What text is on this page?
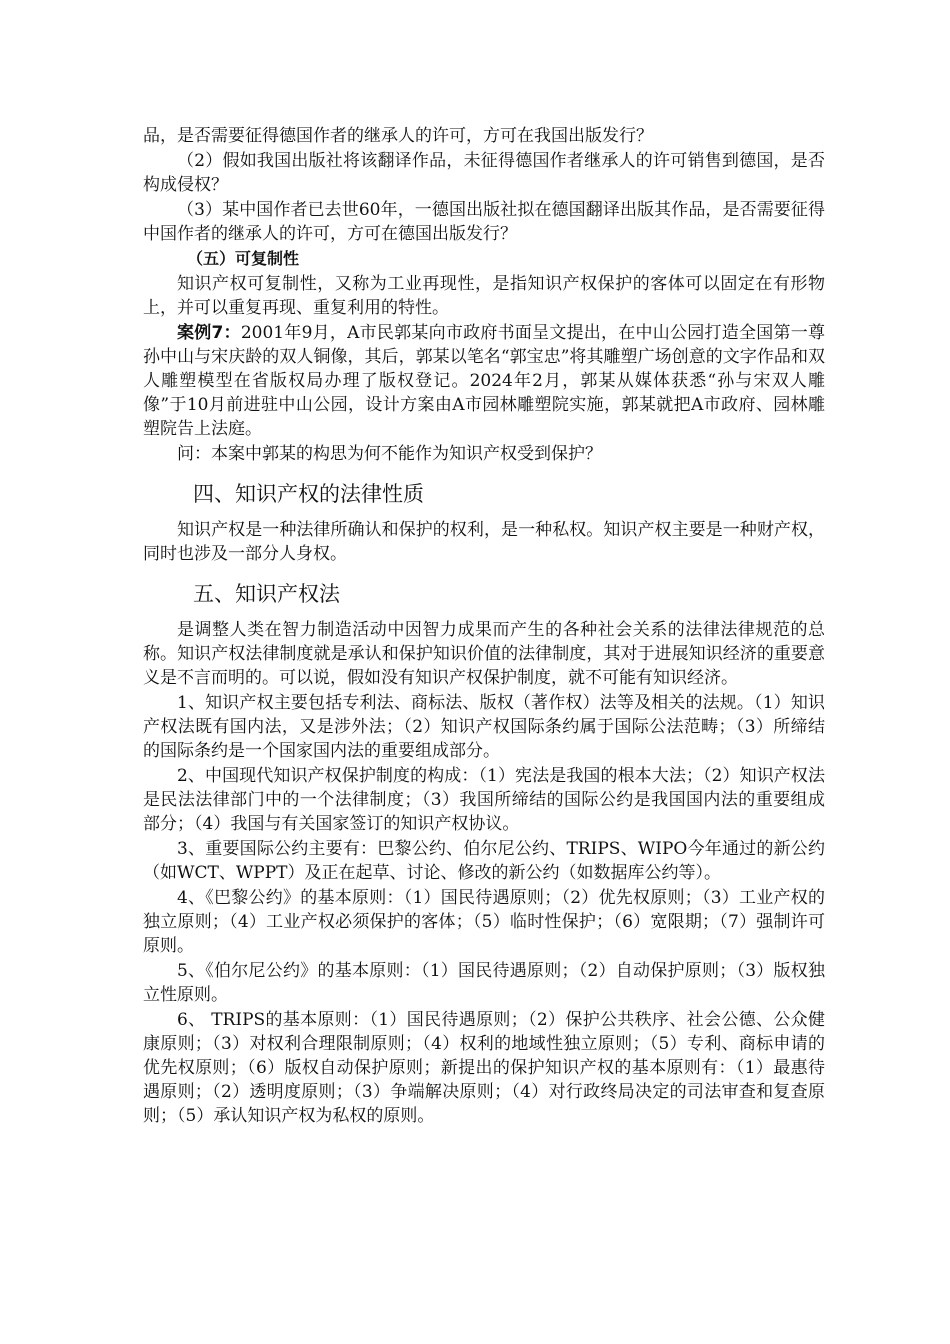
品，是否需要征得德国作者的继承人的许可，方可在我国出版发行？

（2）假如我国出版社将该翻译作品，未征得德国作者继承人的许可销售到德国，是否构成侵权？

（3）某中国作者已去世60年，一德国出版社拟在德国翻译出版其作品，是否需要征得中国作者的继承人的许可，方可在德国出版发行？

（五）可复制性

知识产权可复制性，又称为工业再现性，是指知识产权保护的客体可以固定在有形物上，并可以重复再现、重复利用的特性。

案例7：2001年9月，A市民郭某向市政府书面呈文提出，在中山公园打造全国第一尊孙中山与宋庆龄的双人铜像，其后，郭某以笔名“郭宝忠”将其雕塑广场创意的文字作品和双人雕塑模型在省版权局办理了版权登记。2024年2月，郭某从媒体获悉“孙与宋双人雕像”于10月前进驻中山公园，设计方案由A市园林雕塑院实施，郭某就把A市政府、园林雕塑院告上法庭。

问：本案中郭某的构思为何不能作为知识产权受到保护？

四、知识产权的法律性质

知识产权是一种法律所确认和保护的权利，是一种私权。知识产权主要是一种财产权，同时也涉及一部分人身权。

五、知识产权法

是调整人类在智力制造活动中因智力成果而产生的各种社会关系的法律法律规范的总称。知识产权法律制度就是承认和保护知识价值的法律制度，其对于进展知识经济的重要意义是不言而明的。可以说，假如没有知识产权保护制度，就不可能有知识经济。

1、知识产权主要包括专利法、商标法、版权（著作权）法等及相关的法规。（1）知识产权法既有国内法，又是涉外法；（2）知识产权国际条约属于国际公法范畴；（3）所缔结的国际条约是一个国家国内法的重要组成部分。

2、中国现代知识产权保护制度的构成：（1）宪法是我国的根本大法；（2）知识产权法是民法法律部门中的一个法律制度；（3）我国所缔结的国际公约是我国国内法的重要组成部分；（4）我国与有关国家签订的知识产权协议。

3、重要国际公约主要有：巴黎公约、伯尔尼公约、TRIPS、WIPO今年通过的新公约（如WCT、WPPT）及正在起草、讨论、修改的新公约（如数据库公约等）。

4、《巴黎公约》的基本原则：（1）国民待遇原则；（2）优先权原则；（3）工业产权的独立原则；（4）工业产权必须保护的客体；（5）临时性保护；（6）宽限期；（7）强制许可原则。

5、《伯尔尼公约》的基本原则：（1）国民待遇原则；（2）自动保护原则；（3）版权独立性原则。

6、 TRIPS的基本原则：（1）国民待遇原则；（2）保护公共秩序、社会公德、公众健康原则；（3）对权利合理限制原则；（4）权利的地域性独立原则；（5）专利、商标申请的优先权原则；（6）版权自动保护原则；新提出的保护知识产权的基本原则有：（1）最惠待遇原则；（2）透明度原则；（3）争端解决原则；（4）对行政终局决定的司法审查和复查原则；（5）承认知识产权为私权的原则。
